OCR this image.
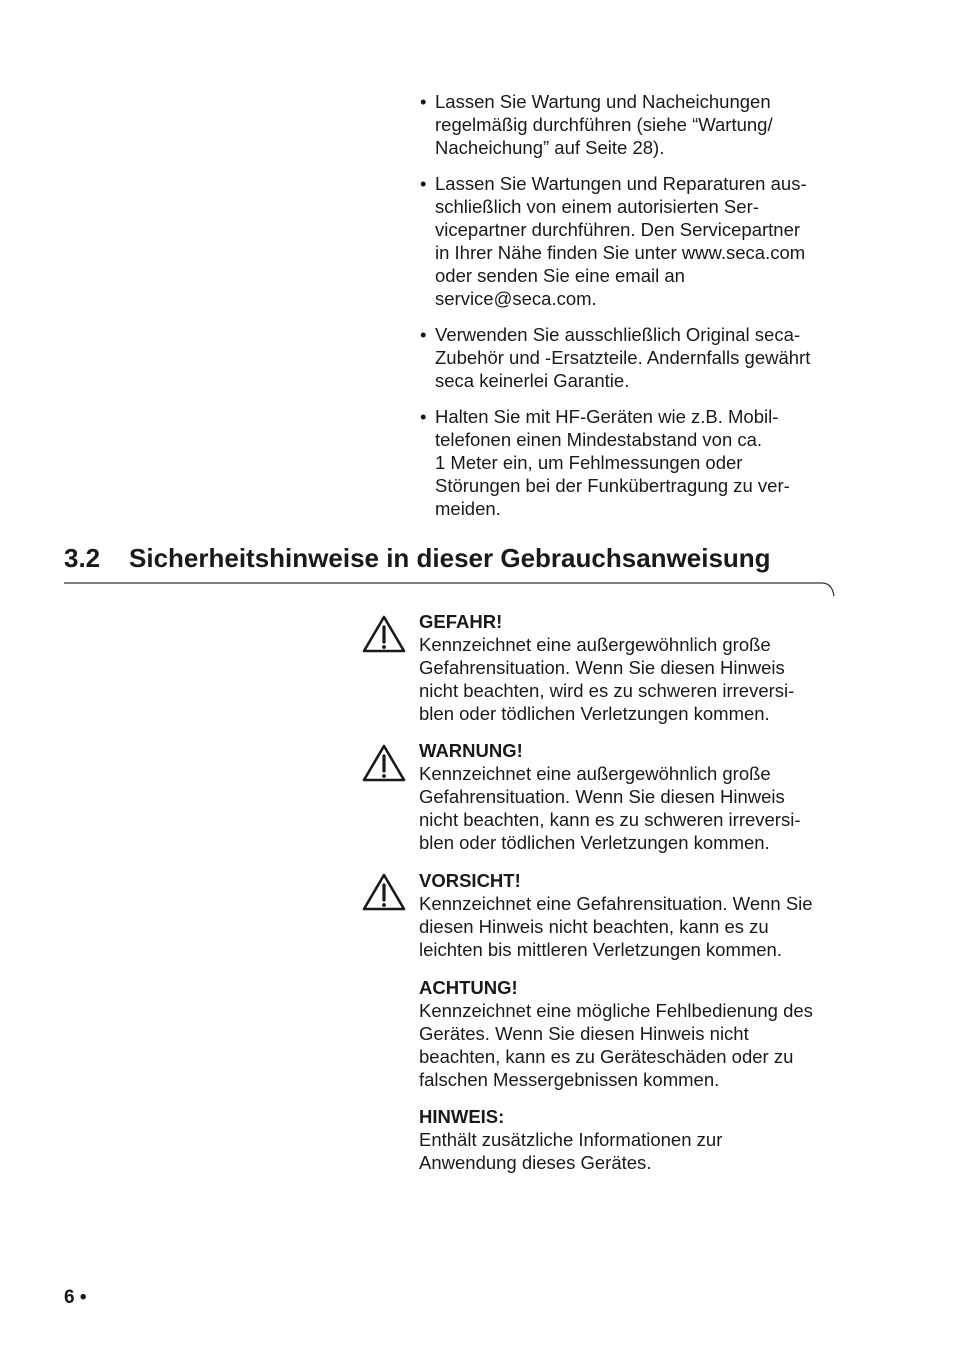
• Lassen Sie Wartung und Nacheichungen
regelmäßig durchführen (siehe “Wartung/
Nacheichung” auf Seite 28).
• Lassen Sie Wartungen und Reparaturen aus-
schließlich von einem autorisierten Ser-
vicepartner durchführen. Den Servicepartner
in Ihrer Nähe finden Sie unter www.seca.com
oder senden Sie eine email an
service@seca.com.
• Verwenden Sie ausschließlich Original seca-
Zubehör und -Ersatzteile. Andernfalls gewährt
seca keinerlei Garantie.
• Halten Sie mit HF-Geräten wie z.B. Mobil-
telefonen einen Mindestabstand von ca.
1 Meter ein, um Fehlmessungen oder
Störungen bei der Funkübertragung zu ver-
meiden.
3.2 Sicherheitshinweise in dieser Gebrauchsanweisung
GEFAHR!
Kennzeichnet eine außergewöhnlich große
Gefahrensituation. Wenn Sie diesen Hinweis
nicht beachten, wird es zu schweren irreversi-
blen oder tödlichen Verletzungen kommen.
WARNUNG!
Kennzeichnet eine außergewöhnlich große
Gefahrensituation. Wenn Sie diesen Hinweis
nicht beachten, kann es zu schweren irreversi-
blen oder tödlichen Verletzungen kommen.
VORSICHT!
Kennzeichnet eine Gefahrensituation. Wenn Sie
diesen Hinweis nicht beachten, kann es zu
leichten bis mittleren Verletzungen kommen.
ACHTUNG!
Kennzeichnet eine mögliche Fehlbedienung des
Gerätes. Wenn Sie diesen Hinweis nicht
beachten, kann es zu Geräteschäden oder zu
falschen Messergebnissen kommen.
HINWEIS:
Enthält zusätzliche Informationen zur
Anwendung dieses Gerätes.
6 •
